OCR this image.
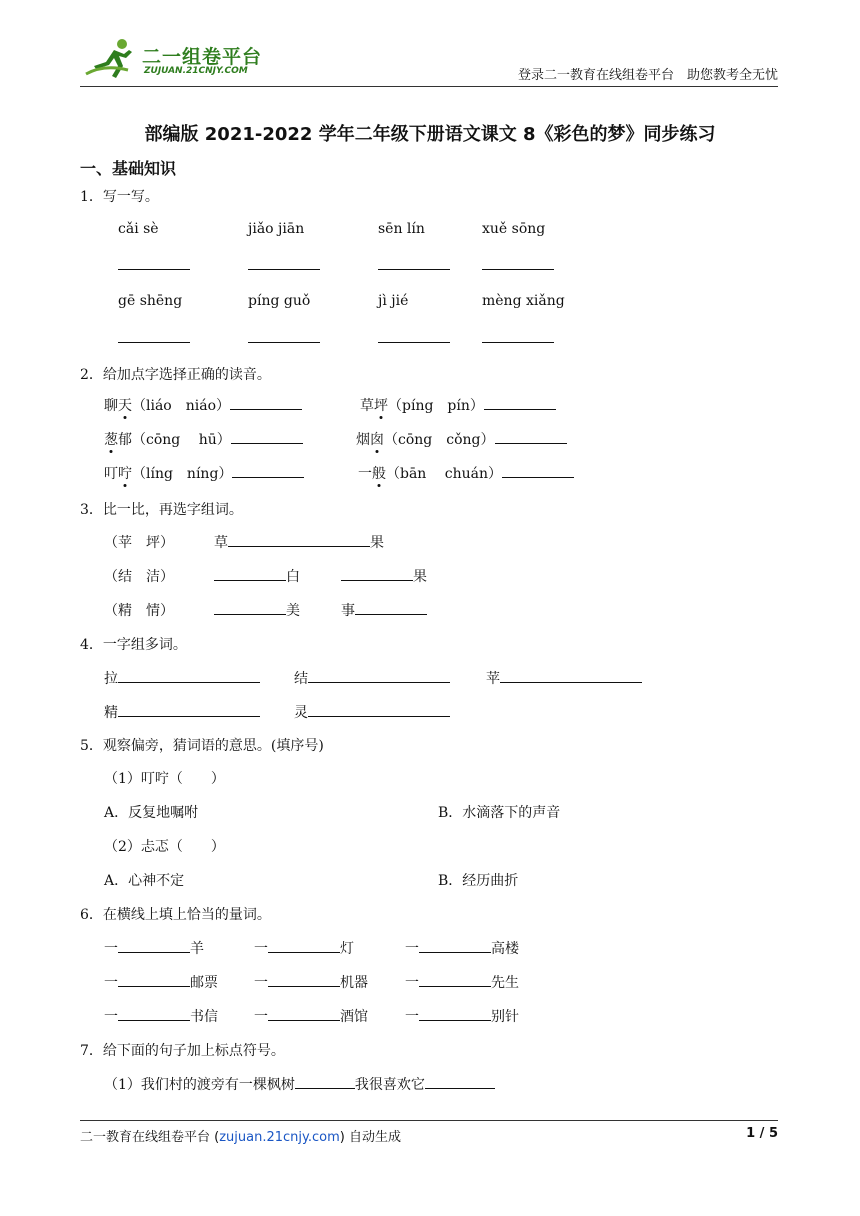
二一组卷平台
ZUJUAN.21CNJY.COM	登录二一教育在线组卷平台　助您教考全无忧
部编版 2021-2022 学年二年级下册语文课文 8《彩色的梦》同步练习
一、基础知识
1．写一写。
cǎi sè	jiǎo jiān	sēn lín	xuě sōng
gē shēng	píng guǒ	jì jié	mèng xiǎng
2．给加点字选择正确的读音。
聊天（liáo　niáo）	草坪（píng　pín）
葱郁（cōng　 hū）	烟囱（cōng　cǒng）
叮咛（líng　níng）	一般（bān　 chuán）
3．比一比，再选字组词。
（苹　坪）	草	果
（结　洁）	白	果
（精　情）	美	事
4．一字组多词。
拉	结	苹
精	灵
5．观察偏旁，猜词语的意思。(填序号)
（1）叮咛（　　）
A．反复地嘱咐	B．水滴落下的声音
（2）忐忑（　　）
A．心神不定	B．经历曲折
6．在横线上填上恰当的量词。
一	羊	一	灯	一	高楼
一	邮票	一	机器	一	先生
一	书信	一	酒馆	一	别针
7．给下面的句子加上标点符号。
（1）我们村的渡旁有一棵枫树	我很喜欢它
二一教育在线组卷平台 (zujuan.21cnjy.com) 自动生成	1 / 5
